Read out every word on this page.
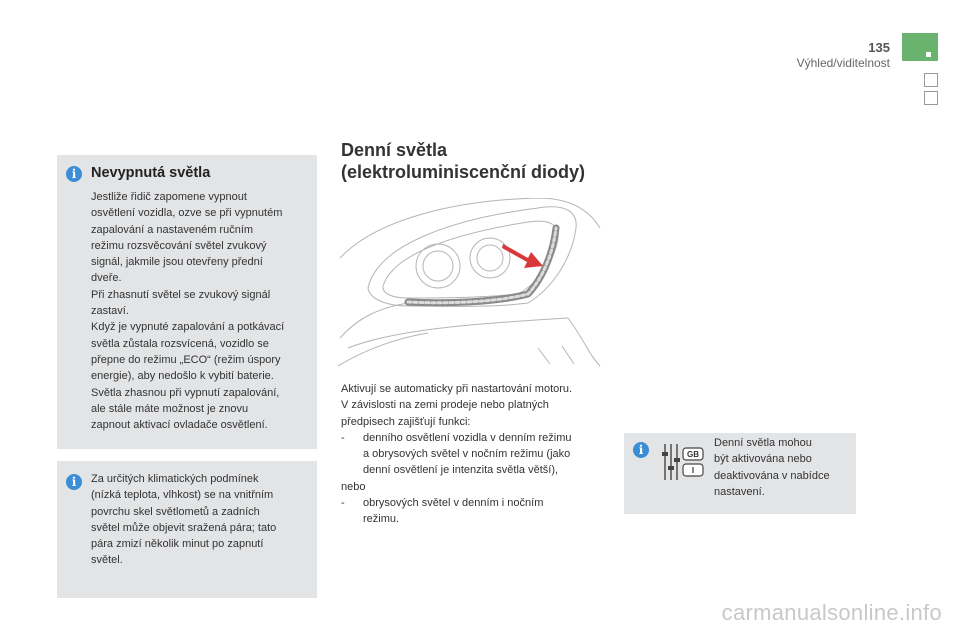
135
Výhled/viditelnost
i	Nevypnutá světla
Jestliže řidič zapomene vypnout
osvětlení vozidla, ozve se při vypnutém
zapalování a nastaveném ručním
režimu rozsvěcování světel zvukový
signál, jakmile jsou otevřeny přední
dveře.
Při zhasnutí světel se zvukový signál
zastaví.
Když je vypnuté zapalování a potkávací
světla zůstala rozsvícená, vozidlo se
přepne do režimu „ECO“ (režim úspory
energie), aby nedošlo k vybití baterie.
Světla zhasnou při vypnutí zapalování,
ale stále máte možnost je znovu
zapnout aktivací ovladače osvětlení.
i	Za určitých klimatických podmínek
(nízká teplota, vlhkost) se na vnitřním
povrchu skel světlometů a zadních
světel může objevit sražená pára; tato
pára zmizí několik minut po zapnutí
světel.
Denní světla
(elektroluminiscenční diody)

Aktivují se automaticky při nastartování motoru.

V závislosti na zemi prodeje nebo platných

předpisech zajišťují funkci:

-	denního osvětlení vozidla v denním režimu
a obrysových světel v nočním režimu (jako
denní osvětlení je intenzita světla větší),

nebo

-	obrysových světel v denním i nočním
režimu.
i	Denní světla mohou
být aktivována nebo
deaktivována v nabídce
nastavení.
GB
I
carmanualsonline.info
